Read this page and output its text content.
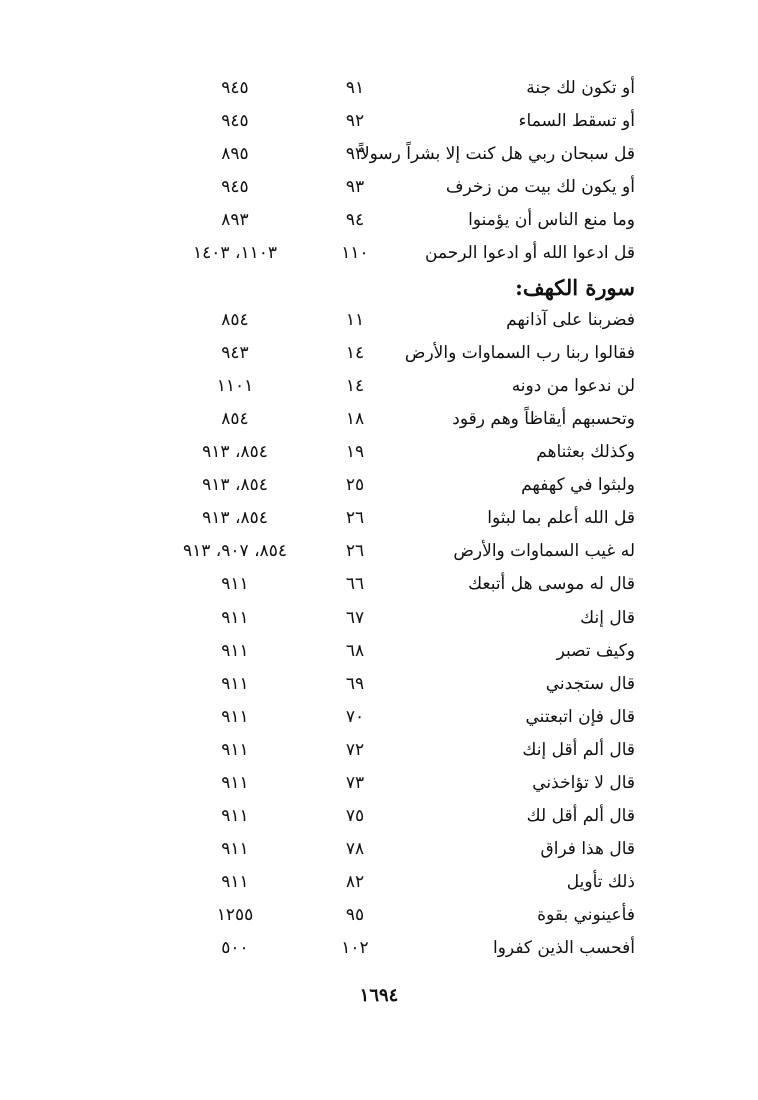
أو تكون لك جنة
٩١
٩٤٥
أو تسقط السماء
٩٢
٩٤٥
قل سبحان ربي هل كنت إلا بشراً رسولاً
٩٣
٨٩٥
أو يكون لك بيت من زخرف
٩٣
٩٤٥
وما منع الناس أن يؤمنوا
٩٤
٨٩٣
قل ادعوا الله أو ادعوا الرحمن
١١٠
١١٠٣، ١٤٠٣
سورة الكهف:
فضربنا على آذانهم
١١
٨٥٤
فقالوا ربنا رب السماوات والأرض
١٤
٩٤٣
لن ندعوا من دونه
١٤
١١٠١
وتحسبهم أيقاظاً وهم رقود
١٨
٨٥٤
وكذلك بعثناهم
١٩
٨٥٤، ٩١٣
ولبثوا في كهفهم
٢٥
٨٥٤، ٩١٣
قل الله أعلم بما لبثوا
٢٦
٨٥٤، ٩١٣
له غيب السماوات والأرض
٢٦
٨٥٤، ٩٠٧، ٩١٣
قال له موسى هل أتبعك
٦٦
٩١١
قال إنك
٦٧
٩١١
وكيف تصبر
٦٨
٩١١
قال ستجدني
٦٩
٩١١
قال فإن اتبعتني
٧٠
٩١١
قال ألم أقل إنك
٧٢
٩١١
قال لا تؤاخذني
٧٣
٩١١
قال ألم أقل لك
٧٥
٩١١
قال هذا فراق
٧٨
٩١١
ذلك تأويل
٨٢
٩١١
فأعينوني بقوة
٩٥
١٢٥٥
أفحسب الذين كفروا
١٠٢
٥٠٠
١٦٩٤
